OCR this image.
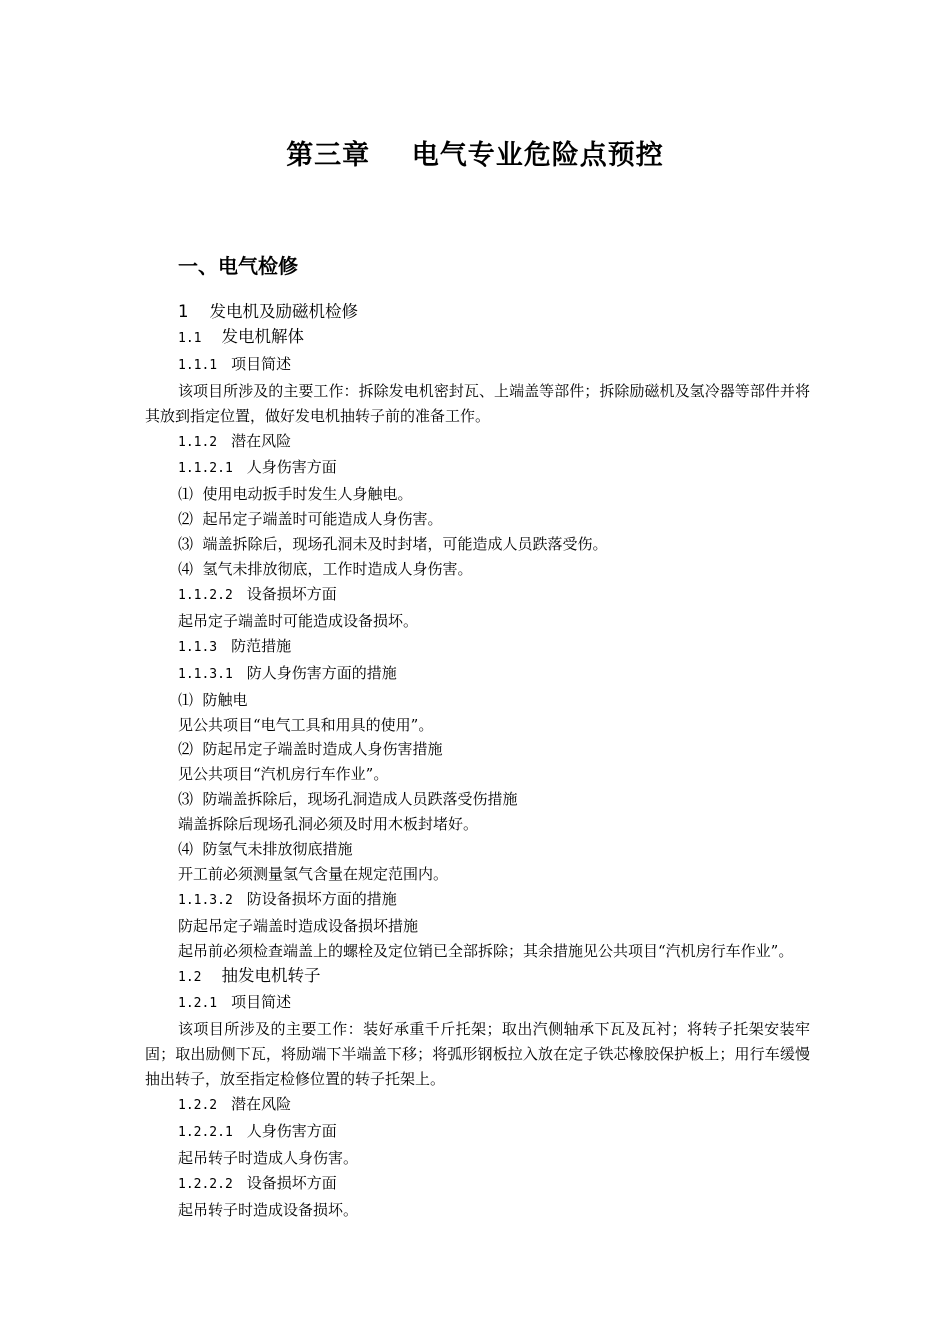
第三章    电气专业危险点预控
一、电气检修
1    发电机及励磁机检修
1.1 发电机解体
1.1.1 项目简述
该项目所涉及的主要工作：拆除发电机密封瓦、上端盖等部件；拆除励磁机及氢冷器等部件并将其放到指定位置，做好发电机抽转子前的准备工作。
1.1.2 潜在风险
1.1.2.1 人身伤害方面
⑴  使用电动扳手时发生人身触电。
⑵  起吊定子端盖时可能造成人身伤害。
⑶  端盖拆除后，现场孔洞未及时封堵，可能造成人员跌落受伤。
⑷  氢气未排放彻底，工作时造成人身伤害。
1.1.2.2 设备损坏方面
起吊定子端盖时可能造成设备损坏。
1.1.3 防范措施
1.1.3.1 防人身伤害方面的措施
⑴  防触电
见公共项目“电气工具和用具的使用”。
⑵  防起吊定子端盖时造成人身伤害措施
见公共项目“汽机房行车作业”。
⑶  防端盖拆除后，现场孔洞造成人员跌落受伤措施
端盖拆除后现场孔洞必须及时用木板封堵好。
⑷  防氢气未排放彻底措施
开工前必须测量氢气含量在规定范围内。
1.1.3.2 防设备损坏方面的措施
防起吊定子端盖时造成设备损坏措施
起吊前必须检查端盖上的螺栓及定位销已全部拆除；其余措施见公共项目“汽机房行车作业”。
1.2 抽发电机转子
1.2.1 项目简述
该项目所涉及的主要工作：装好承重千斤托架；取出汽侧轴承下瓦及瓦衬；将转子托架安装牢固；取出励侧下瓦，将励端下半端盖下移；将弧形钢板拉入放在定子铁芯橡胶保护板上；用行车缓慢抽出转子，放至指定检修位置的转子托架上。
1.2.2 潜在风险
1.2.2.1 人身伤害方面
起吊转子时造成人身伤害。
1.2.2.2 设备损坏方面
起吊转子时造成设备损坏。
